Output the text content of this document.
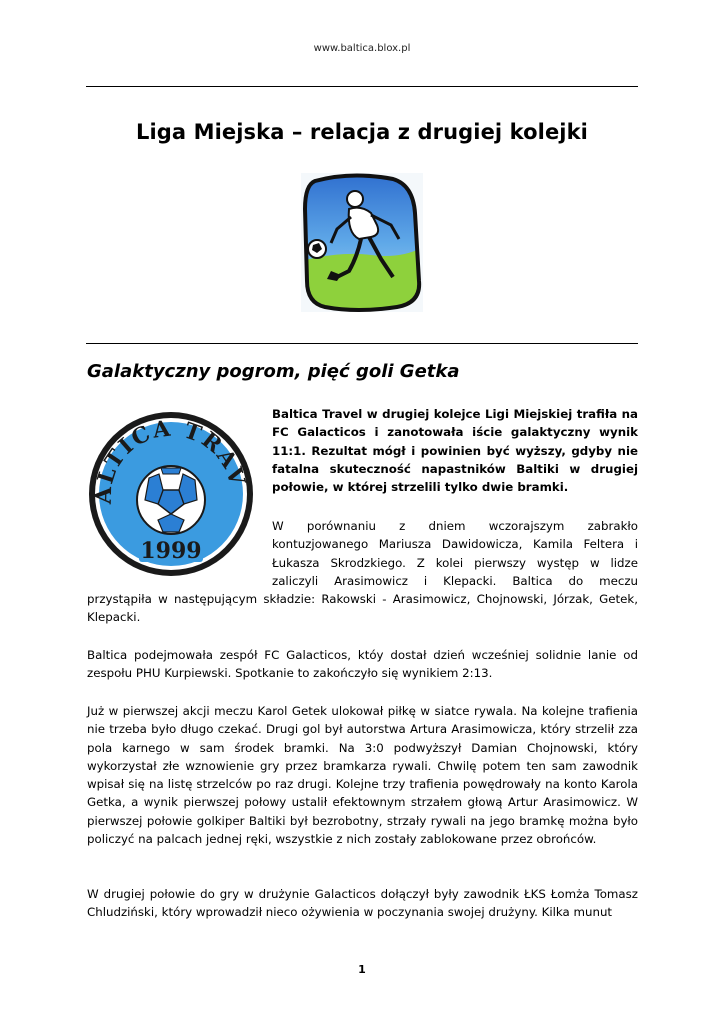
www.baltica.blox.pl
Liga Miejska – relacja z drugiej kolejki
Galaktyczny pogrom, pięć goli Getka
ALTICA TRAV
1999
Baltica Travel w drugiej kolejce Ligi Miejskiej trafiła na FC Galacticos i zanotowała iście galaktyczny wynik 11:1. Rezultat mógł i powinien być wyższy, gdyby nie fatalna skuteczność napastników Baltiki w drugiej połowie, w której strzelili tylko dwie bramki.
W porównaniu z dniem wczorajszym zabrakło
kontuzjowanego Mariusza Dawidowicza, Kamila Feltera i
Łukasza Skrodzkiego. Z kolei pierwszy występ w lidze
zaliczyli Arasimowicz i Klepacki. Baltica do meczu
przystąpiła w następującym składzie: Rakowski - Arasimowicz, Chojnowski, Jórzak, Getek, Klepacki.
Baltica podejmowała zespół FC Galacticos, któy dostał dzień wcześniej solidnie lanie od zespołu PHU Kurpiewski. Spotkanie to zakończyło się wynikiem 2:13.
Już w pierwszej akcji meczu Karol Getek ulokował piłkę w siatce rywala. Na kolejne trafienia nie trzeba było długo czekać. Drugi gol był autorstwa Artura Arasimowicza, który strzelił zza pola karnego w sam środek bramki. Na 3:0 podwyższył Damian Chojnowski, który wykorzystał złe wznowienie gry przez bramkarza rywali. Chwilę potem ten sam zawodnik wpisał się na listę strzelców po raz drugi. Kolejne trzy trafienia powędrowały na konto Karola Getka, a wynik pierwszej połowy ustalił efektownym strzałem głową Artur Arasimowicz. W pierwszej połowie golkiper Baltiki był bezrobotny, strzały rywali na jego bramkę można było policzyć na palcach jednej ręki, wszystkie z nich zostały zablokowane przez obrońców.
W drugiej połowie do gry w drużynie Galacticos dołączył były zawodnik ŁKS Łomża Tomasz Chludziński, który wprowadził nieco ożywienia w poczynania swojej drużyny. Kilka munut
1
